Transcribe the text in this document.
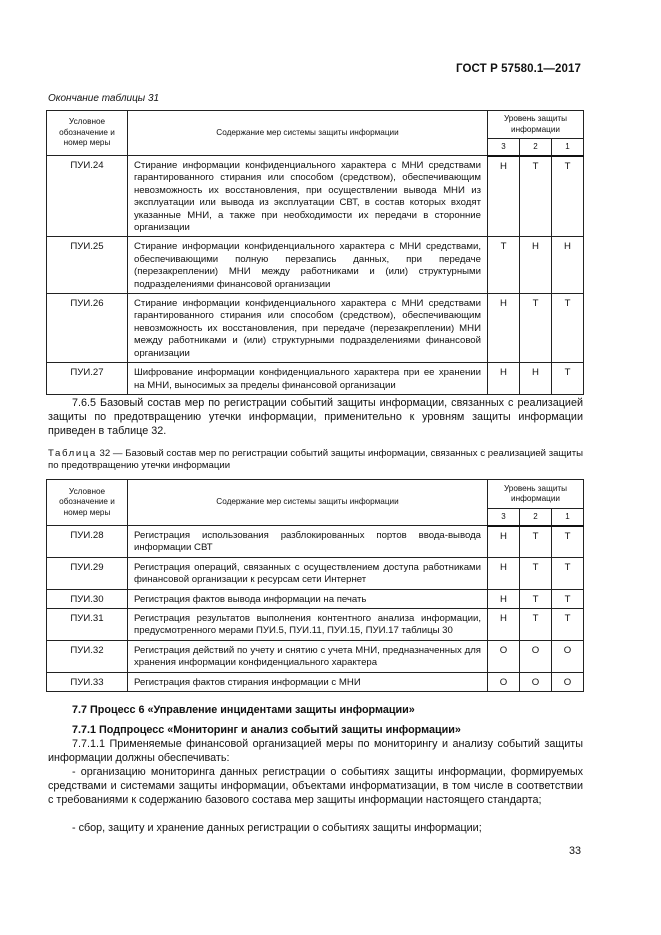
ГОСТ Р 57580.1—2017
Окончание таблицы 31
Условное обозначение и номер меры	Содержание мер системы защиты информации	Уровень защиты информации		
		3	2	1
ПУИ.24	Стирание информации конфиденциального характера с МНИ средствами гарантированного стирания или способом (средством), обеспечивающим невозможность их восстановления, при осуществлении вывода МНИ из эксплуатации или вывода из эксплуатации СВТ, в состав которых входят указанные МНИ, а также при необходимости их передачи в сторонние организации	Н	Т	Т
ПУИ.25	Стирание информации конфиденциального характера с МНИ средствами, обеспечивающими полную перезапись данных, при передаче (перезакреплении) МНИ между работниками и (или) структурными подразделениями финансовой организации	Т	Н	Н
ПУИ.26	Стирание информации конфиденциального характера с МНИ средствами гарантированного стирания или способом (средством), обеспечивающим невозможность их восстановления, при передаче (перезакреплении) МНИ между работниками и (или) структурными подразделениями финансовой организации	Н	Т	Т
ПУИ.27	Шифрование информации конфиденциального характера при ее хранении на МНИ, выносимых за пределы финансовой организации	Н	Н	Т
7.6.5 Базовый состав мер по регистрации событий защиты информации, связанных с реализацией защиты по предотвращению утечки информации, применительно к уровням защиты информации приведен в таблице 32.
Таблица 32 — Базовый состав мер по регистрации событий защиты информации, связанных с реализацией защиты по предотвращению утечки информации
Условное обозначение и номер меры	Содержание мер системы защиты информации	Уровень защиты информации		
		3	2	1
ПУИ.28	Регистрация использования разблокированных портов ввода-вывода информации СВТ	Н	Т	Т
ПУИ.29	Регистрация операций, связанных с осуществлением доступа работниками финансовой организации к ресурсам сети Интернет	Н	Т	Т
ПУИ.30	Регистрация фактов вывода информации на печать	Н	Т	Т
ПУИ.31	Регистрация результатов выполнения контентного анализа информации, предусмотренного мерами ПУИ.5, ПУИ.11, ПУИ.15, ПУИ.17 таблицы 30	Н	Т	Т
ПУИ.32	Регистрация действий по учету и снятию с учета МНИ, предназначенных для хранения информации конфиденциального характера	О	О	О
ПУИ.33	Регистрация фактов стирания информации с МНИ	О	О	О
7.7 Процесс 6 «Управление инцидентами защиты информации»
7.7.1 Подпроцесс «Мониторинг и анализ событий защиты информации»
7.7.1.1 Применяемые финансовой организацией меры по мониторингу и анализу событий защиты информации должны обеспечивать:
- организацию мониторинга данных регистрации о событиях защиты информации, формируемых средствами и системами защиты информации, объектами информатизации, в том числе в соответствии с требованиями к содержанию базового состава мер защиты информации настоящего стандарта;
- сбор, защиту и хранение данных регистрации о событиях защиты информации;
33
